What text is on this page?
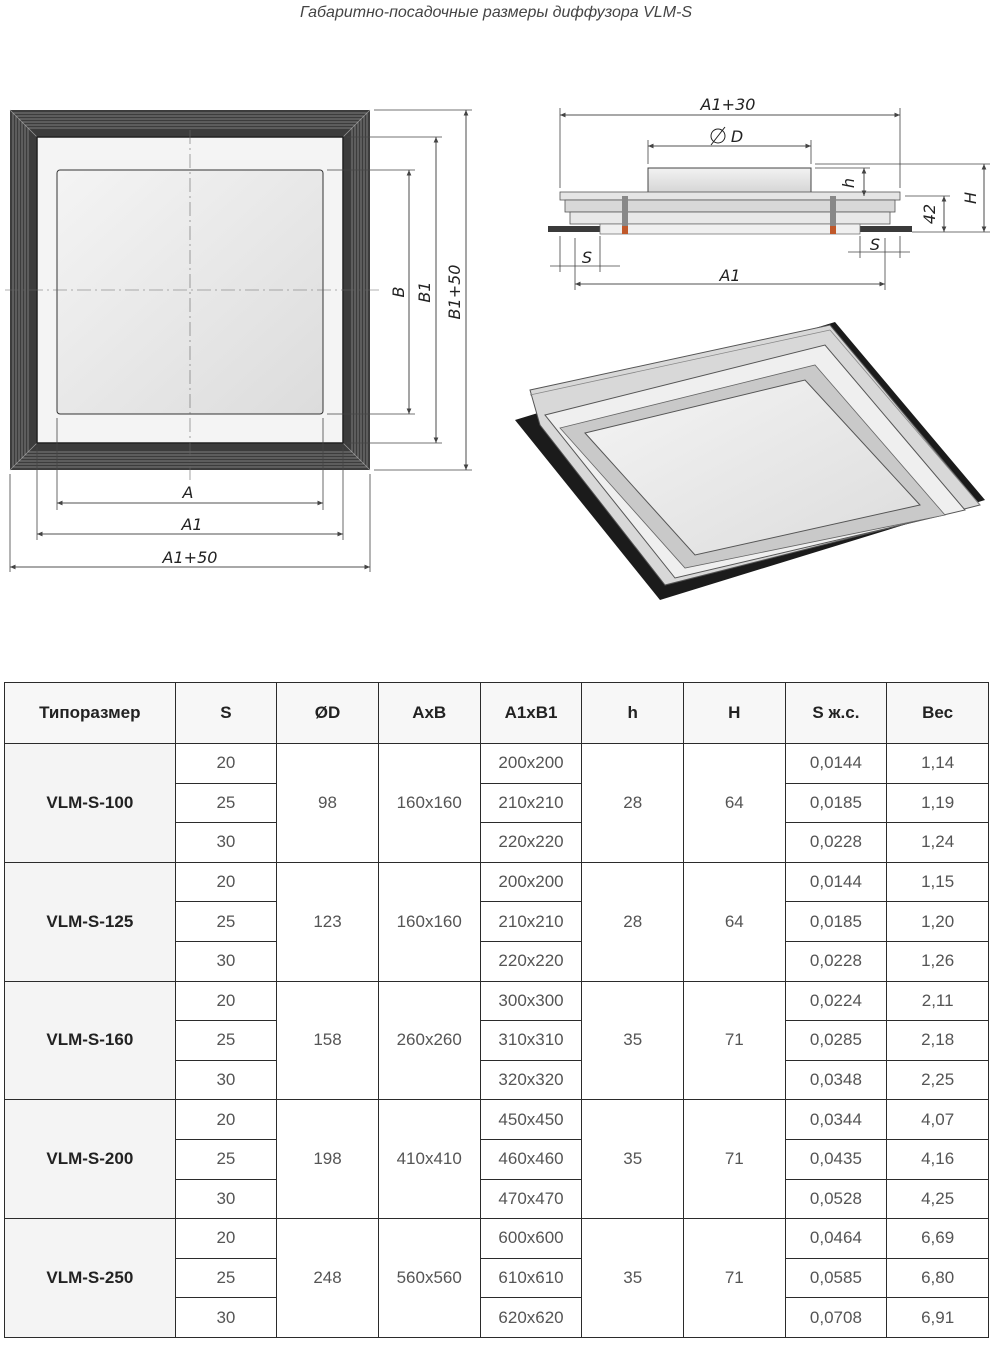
Габаритно-посадочные размеры диффузора VLM-S
A
A1
A1+50
B B1 B1+50
A1+30
D
h
42
H
S
S
A1
Типоразмер	S	ØD	AxB	A1xB1	h	H	S ж.с.	Вес
VLM-S-100	20	98	160x160	200x200	28	64	0,0144	1,14
	25			210x210			0,0185	1,19
	30			220x220			0,0228	1,24
VLM-S-125	20	123	160x160	200x200	28	64	0,0144	1,15
	25			210x210			0,0185	1,20
	30			220x220			0,0228	1,26
VLM-S-160	20	158	260x260	300x300	35	71	0,0224	2,11
	25			310x310			0,0285	2,18
	30			320x320			0,0348	2,25
VLM-S-200	20	198	410x410	450x450	35	71	0,0344	4,07
	25			460x460			0,0435	4,16
	30			470x470			0,0528	4,25
VLM-S-250	20	248	560x560	600x600	35	71	0,0464	6,69
	25			610x610			0,0585	6,80
	30			620x620			0,0708	6,91
